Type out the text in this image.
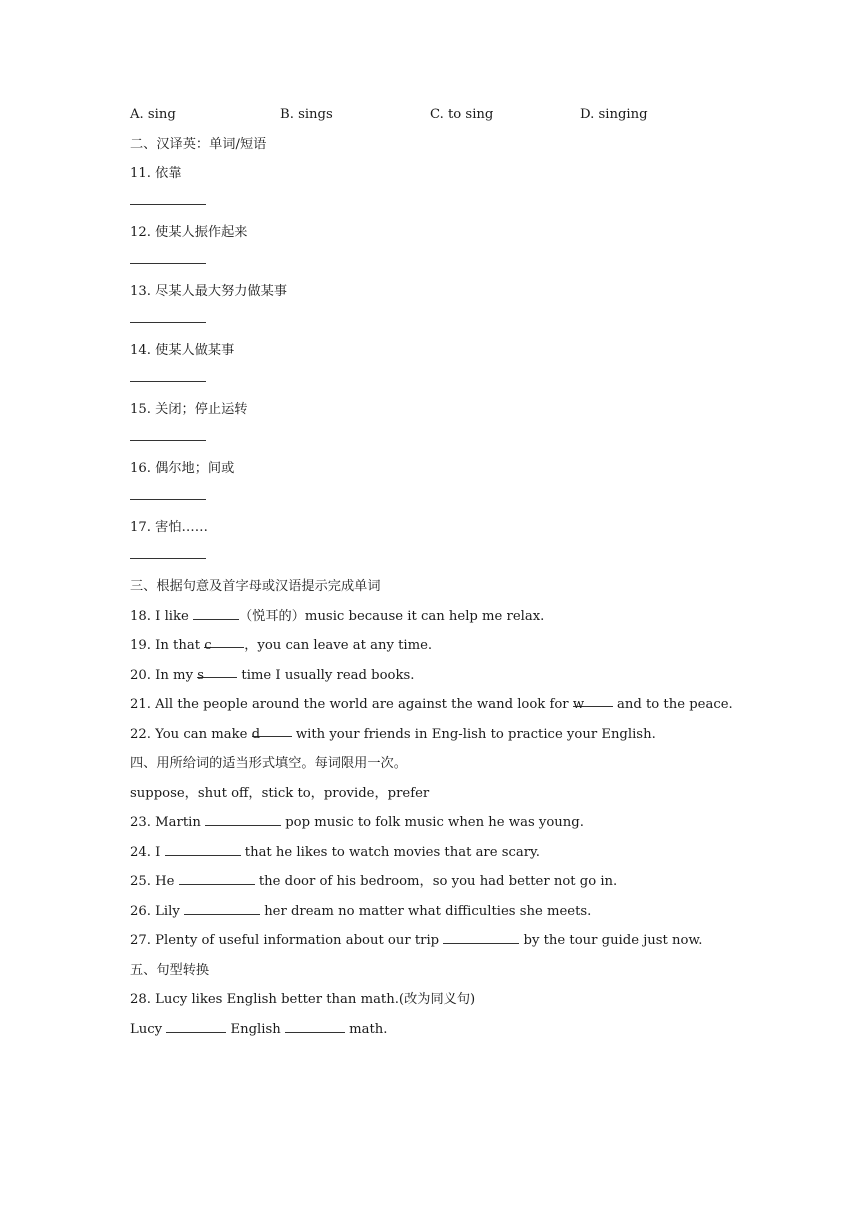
A. sing	B. sings	C. to sing	D. singing
二、汉译英：单词/短语
11. 依靠
12. 使某人振作起来
13. 尽某人最大努力做某事
14. 使某人做某事
15. 关闭；停止运转
16. 偶尔地；间或
17. 害怕……
三、根据句意及首字母或汉语提示完成单词
18. I like	（悦耳的）music because it can help me relax.
19. In that c ，you can leave at any time.
20. In my s	time I usually read books.
21. All the people around the world are against the wand look for w and to the peace.
22. You can make d with your friends in Eng-lish to practice your English.
四、用所给词的适当形式填空。每词限用一次。
suppose，shut off，stick to，provide，prefer
23. Martin	pop music to folk music when he was young.
24. I	that he likes to watch movies that are scary.
25. He	the door of his bedroom，so you had better not go in.
26. Lily	her dream no matter what difficulties she meets.
27. Plenty of useful information about our trip	by the tour guide just now.
五、句型转换
28. Lucy likes English better than math.(改为同义句)
Lucy	English	math.
